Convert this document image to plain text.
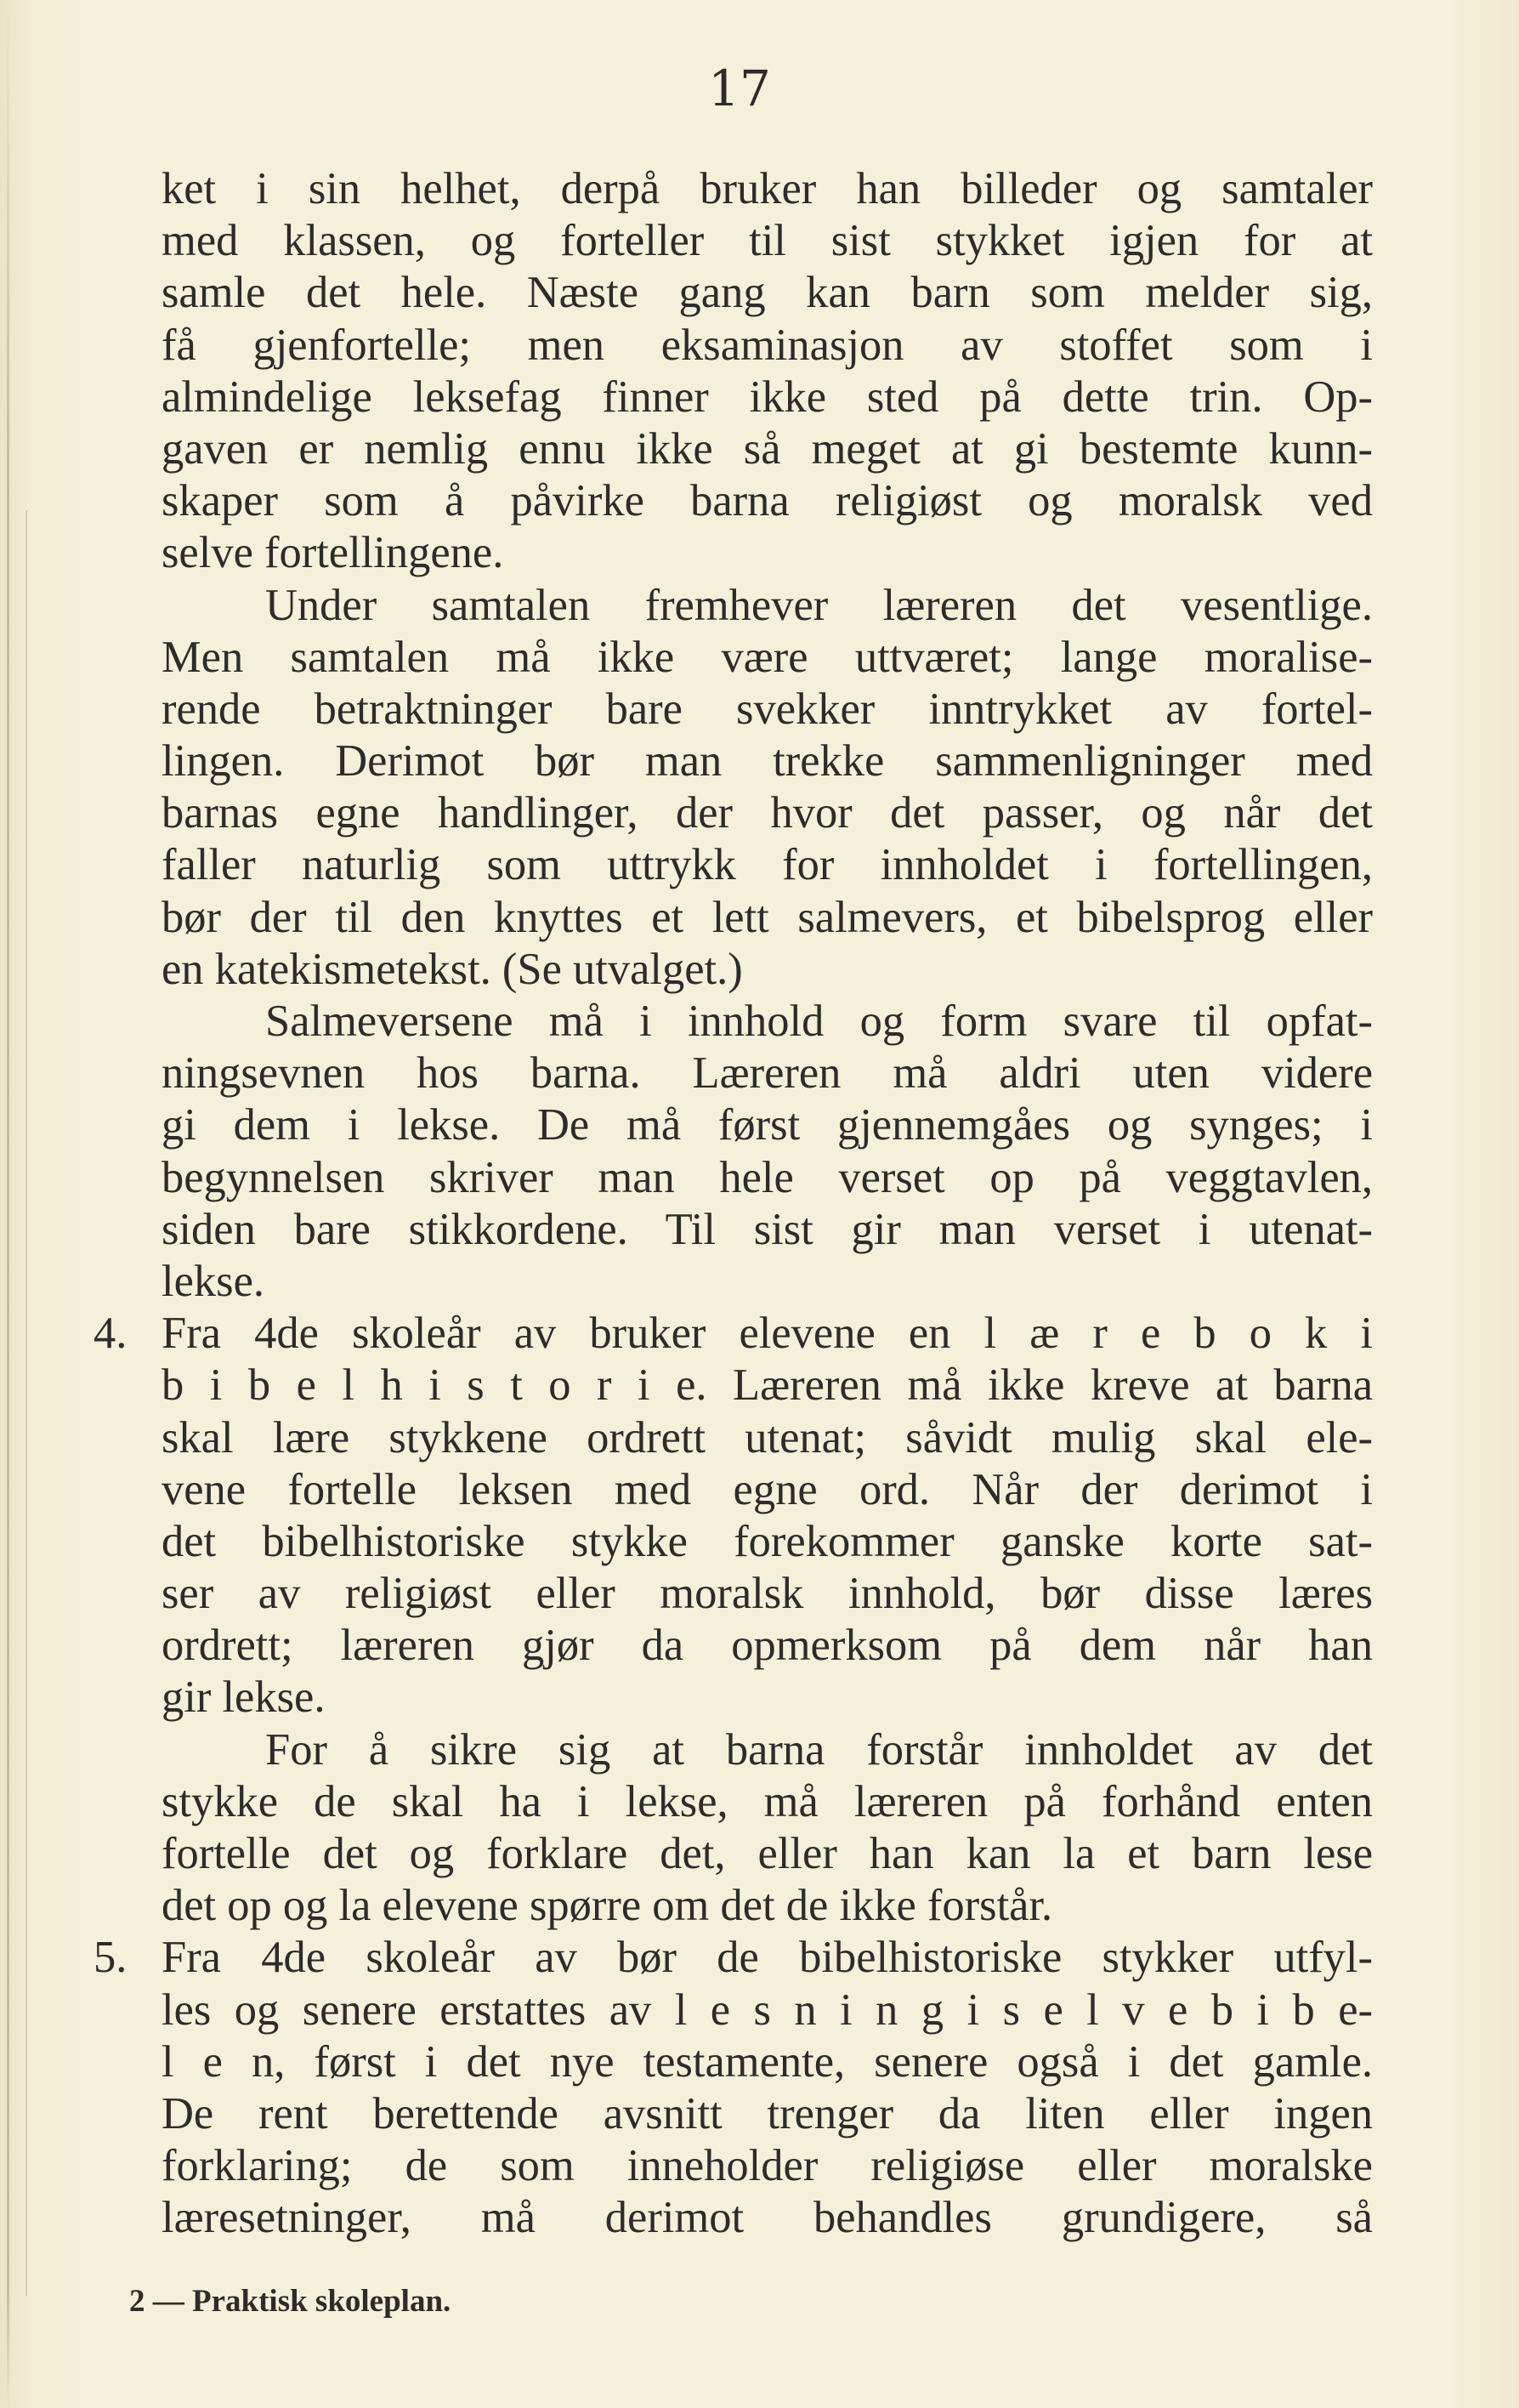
17
ket i sin helhet, derpå bruker han billeder og samtaler
med klassen, og forteller til sist stykket igjen for at
samle det hele. Næste gang kan barn som melder sig,
få gjenfortelle; men eksaminasjon av stoffet som i
almindelige leksefag finner ikke sted på dette trin. Op-
gaven er nemlig ennu ikke så meget at gi bestemte kunn-
skaper som å påvirke barna religiøst og moralsk ved
selve fortellingene.
Under samtalen fremhever læreren det vesentlige.
Men samtalen må ikke være uttværet; lange moralise-
rende betraktninger bare svekker inntrykket av fortel-
lingen. Derimot bør man trekke sammenligninger med
barnas egne handlinger, der hvor det passer, og når det
faller naturlig som uttrykk for innholdet i fortellingen,
bør der til den knyttes et lett salmevers, et bibelsprog eller
en katekismetekst. (Se utvalget.)
Salmeversene må i innhold og form svare til opfat-
ningsevnen hos barna. Læreren må aldri uten videre
gi dem i lekse. De må først gjennemgåes og synges; i
begynnelsen skriver man hele verset op på veggtavlen,
siden bare stikkordene. Til sist gir man verset i utenat-
lekse.
4. Fra 4de skoleår av bruker elevene en l æ r e b o k i
b i b e l h i s t o r i e. Læreren må ikke kreve at barna
skal lære stykkene ordrett utenat; såvidt mulig skal ele-
vene fortelle leksen med egne ord. Når der derimot i
det bibelhistoriske stykke forekommer ganske korte sat-
ser av religiøst eller moralsk innhold, bør disse læres
ordrett; læreren gjør da opmerksom på dem når han
gir lekse.
For å sikre sig at barna forstår innholdet av det
stykke de skal ha i lekse, må læreren på forhånd enten
fortelle det og forklare det, eller han kan la et barn lese
det op og la elevene spørre om det de ikke forstår.
5. Fra 4de skoleår av bør de bibelhistoriske stykker utfyl-
les og senere erstattes av l e s n i n g i s e l v e b i b e-
l e n, først i det nye testamente, senere også i det gamle.
De rent berettende avsnitt trenger da liten eller ingen
forklaring; de som inneholder religiøse eller moralske
læresetninger, må derimot behandles grundigere, så
2 — Praktisk skoleplan.
